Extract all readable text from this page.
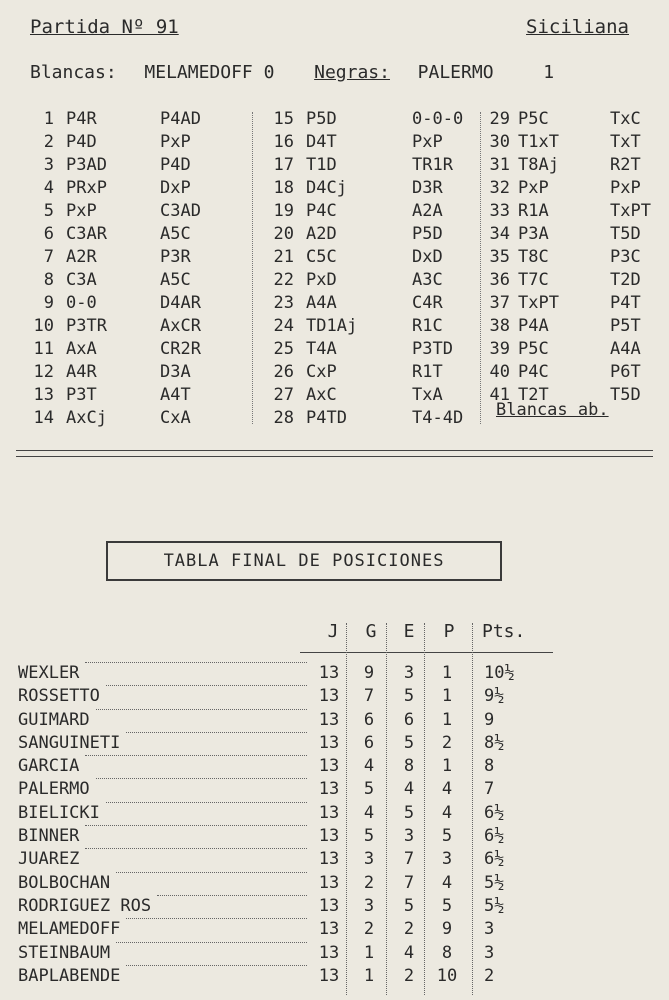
Partida Nº 91	Siciliana
Blancas: MELAMEDOFF 0 Negras: PALERMO	1
1 P4R	P4AD
2 P4D	PxP
3 P3AD	P4D
4 PRxP	DxP
5 PxP	C3AD
6 C3AR	A5C
7 A2R	P3R
8 C3A	A5C
9 0-0	D4AR
10 P3TR	AxCR
11 AxA	CR2R
12 A4R	D3A
13 P3T	A4T
14 AxCj	CxA
15 P5D	0-0-0
16 D4T	PxP
17 T1D	TR1R
18 D4Cj	D3R
19 P4C	A2A
20 A2D	P5D
21 C5C	DxD
22 PxD	A3C
23 A4A	C4R
24 TD1Aj	R1C
25 T4A	P3TD
26 CxP	R1T
27 AxC	TxA
28 P4TD	T4-4D
29 P5C	TxC
30 T1xT	TxT
31 T8Aj	R2T
32 PxP	PxP
33 R1A	TxPT
34 P3A	T5D
35 T8C	P3C
36 T7C	T2D
37 TxPT	P4T
38 P4A	P5T
39 P5C	A4A
40 P4C	P6T
41 T2T	T5D
Blancas ab.
TABLA FINAL DE POSICIONES
J	G	E	P	Pts.
WEXLER	13	9	3	1	10½
ROSSETTO	13	7	5	1	9½
GUIMARD	13	6	6	1	9
SANGUINETI	13	6	5	2	8½
GARCIA	13	4	8	1	8
PALERMO	13	5	4	4	7
BIELICKI	13	4	5	4	6½
BINNER	13	5	3	5	6½
JUAREZ	13	3	7	3	6½
BOLBOCHAN	13	2	7	4	5½
RODRIGUEZ ROS	13	3	5	5	5½
MELAMEDOFF	13	2	2	9	3
STEINBAUM	13	1	4	8	3
BAPLABENDE	13	1	2	10 2
